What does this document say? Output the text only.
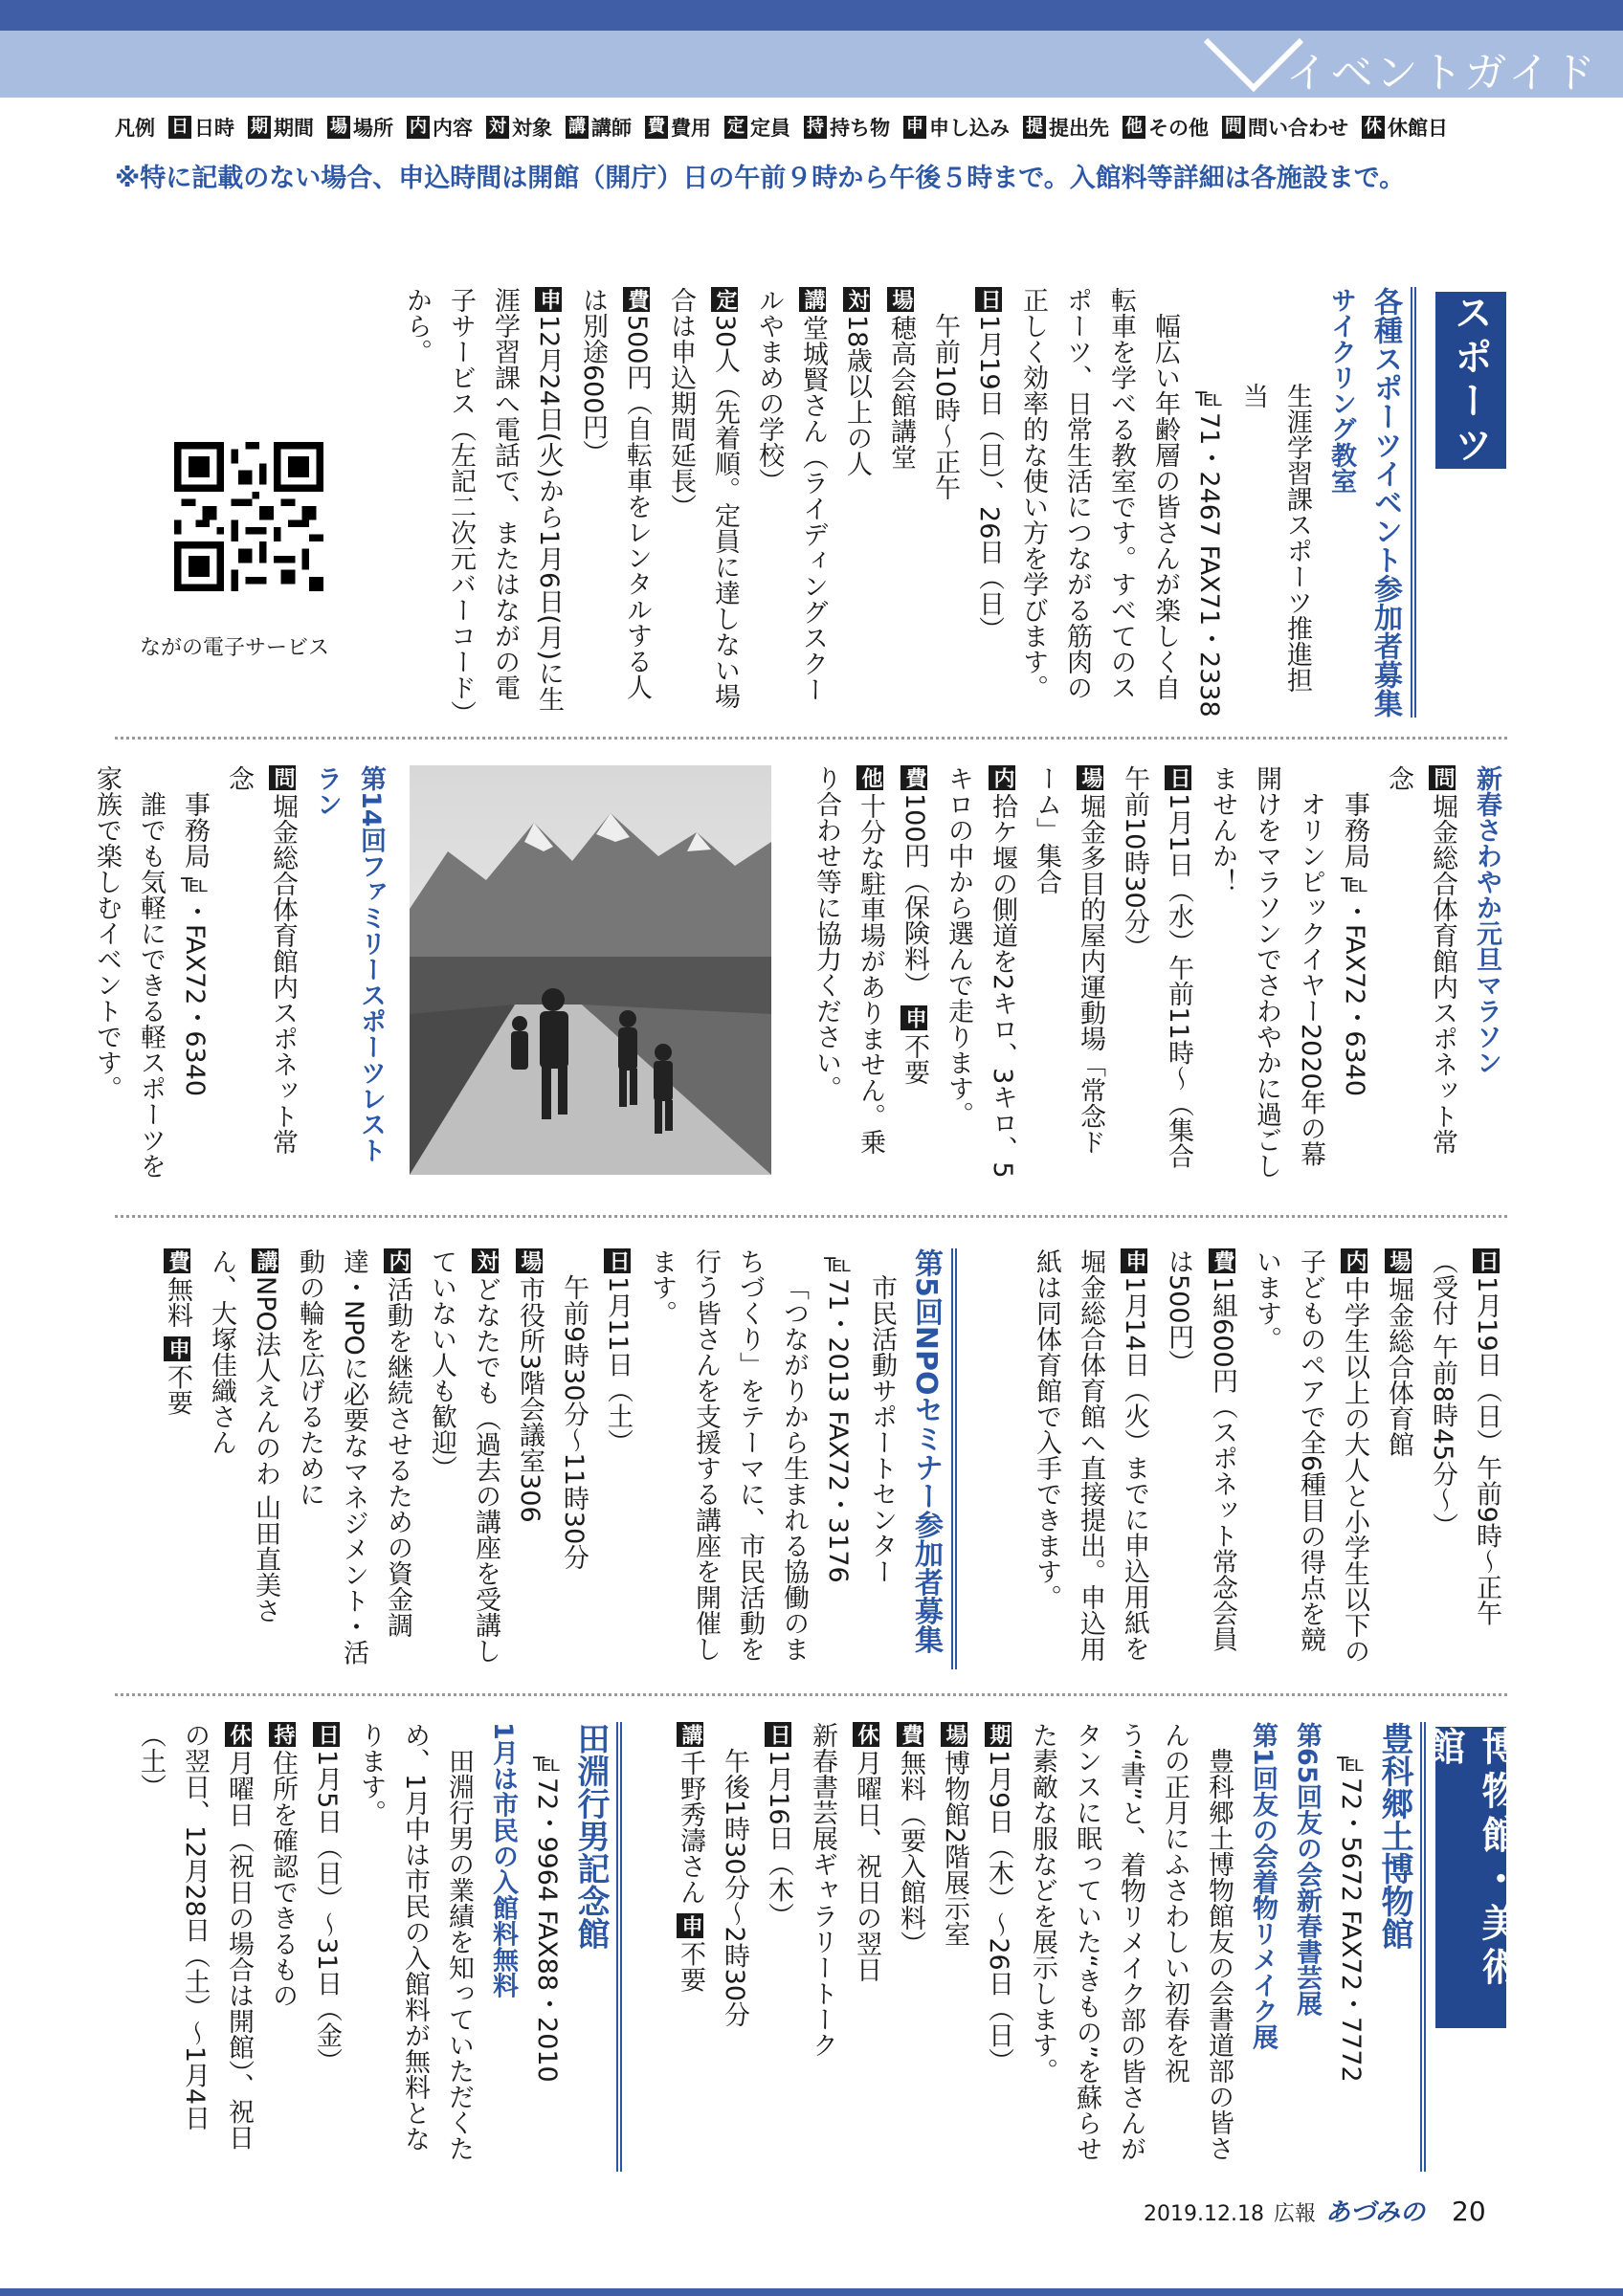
イベントガイド
凡例 日 日時 期 期間 場 場所 内 内容 対 対象 講 講師 費 費用 定 定員 持 持ち物 申 申し込み 提 提出先 他 その他 問 問い合わせ 休 休館日
※特に記載のない場合、申込時間は開館（開庁）日の午前９時から午後５時まで。入館料等詳細は各施設まで。
スポーツ

各種スポーツイベント参加者募集

サイクリング教室

生涯学習課スポーツ推進担当

℡71・2467 FAX71・2338

幅広い年齢層の皆さんが楽しく自転車を学べる教室です。すべてのスポーツ、日常生活につながる筋肉の正しく効率的な使い方を学びます。

日1月19日（日）、26日（日）

午前10時～正午

場穂高会館講堂

対18歳以上の人

講堂城賢さん（ライディングスクールやまめの学校）

定30人（先着順。定員に達しない場合は申込期間延長）

費500円（自転車をレンタルする人は別途600円）

申12月24日(火)から1月6日(月)に生涯学習課へ電話で、またはながの電子サービス（左記二次元バーコード）から。

ながの電子サービス

新春さわやか元旦マラソン

問堀金総合体育館内スポネット常念

事務局℡・FAX72・6340

オリンピックイヤー2020年の幕開けをマラソンでさわやかに過ごしませんか！

日1月1日（水）午前11時～（集合午前10時30分）

場堀金多目的屋内運動場「常念ドーム」集合

内拾ケ堰の側道を2キロ、3キロ、5キロの中から選んで走ります。

費100円（保険料） 申不要

他十分な駐車場がありません。乗り合わせ等に協力ください。

第14回ファミリースポーツレストラン

問堀金総合体育館内スポネット常念

事務局℡・FAX72・6340

誰でも気軽にできる軽スポーツを家族で楽しむイベントです。

日1月19日（日）午前9時～正午（受付 午前8時45分～）

場堀金総合体育館

内中学生以上の大人と小学生以下の子どものペアで全6種目の得点を競います。

費1組600円（スポネット常念会員は500円）

申1月14日（火）までに申込用紙を堀金総合体育館へ直接提出。申込用紙は同体育館で入手できます。

第5回NPOセミナー参加者募集

市民活動サポートセンター

℡71・2013 FAX72・3176

「つながりから生まれる協働のまちづくり」をテーマに、市民活動を行う皆さんを支援する講座を開催します。

日1月11日（土）

午前9時30分～11時30分

場市役所3階会議室306

対どなたでも（過去の講座を受講していない人も歓迎）

内活動を継続させるための資金調達・NPOに必要なマネジメント・活動の輪を広げるために

講NPO法人えんのわ 山田直美さん、大塚佳織さん

費無料 申不要

博物館・美術館

豊科郷土博物館

℡72・5672 FAX72・7772

第65回友の会新春書芸展

第1回友の会着物リメイク展

豊科郷土博物館友の会書道部の皆さんの正月にふさわしい初春を祝う“書”と、着物リメイク部の皆さんがタンスに眠っていた“きもの”を蘇らせた素敵な服などを展示します。

期1月9日（木）～26日（日）

場博物館2階展示室

費無料（要入館料）

休月曜日、祝日の翌日

新春書芸展ギャラリートーク

日1月16日（木）

午後1時30分～2時30分

講千野秀濤さん 申不要

田淵行男記念館

℡72・9964 FAX88・2010

1月は市民の入館料無料

田淵行男の業績を知っていただくため、1月中は市民の入館料が無料となります。

日1月5日（日）～31日（金）

持住所を確認できるもの

休月曜日（祝日の場合は開館）、祝日の翌日、12月28日（土）～1月4日（土）

2019.12.18 広報 あづみの 20
